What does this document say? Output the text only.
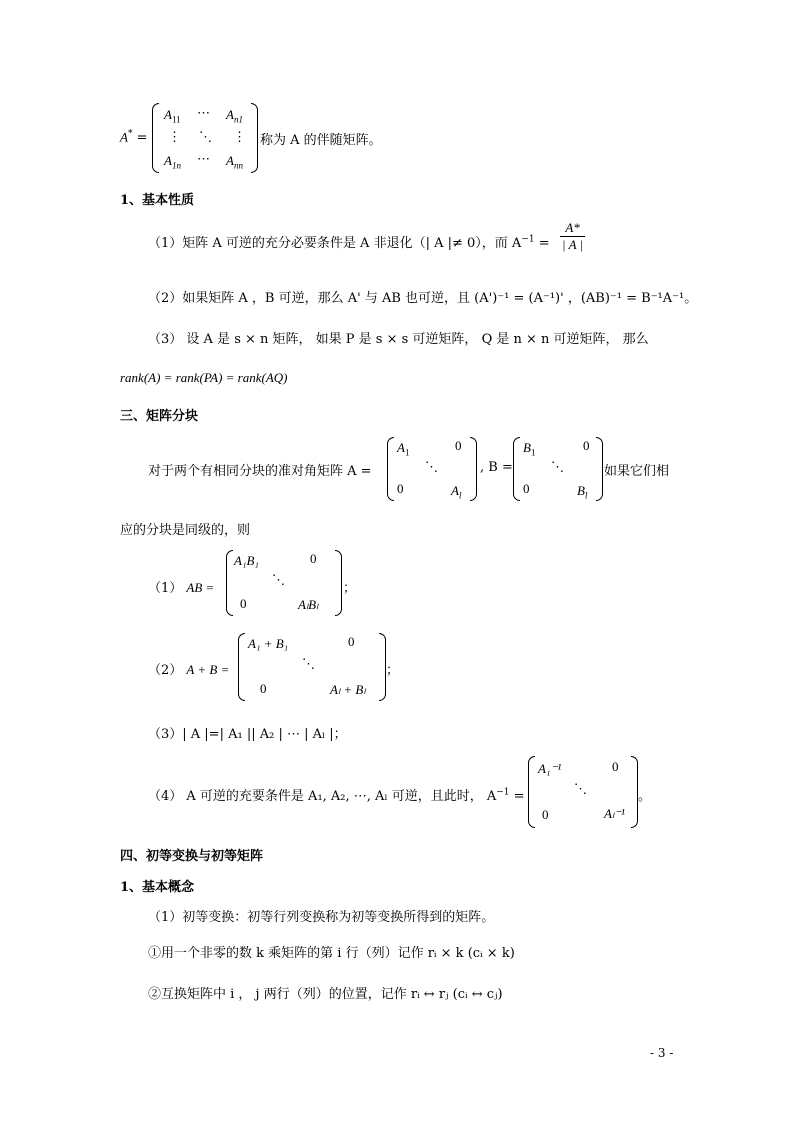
A* =
$A_{11}$ ⋯ $A_{n1}$
⋮ ⋱ ⋮
$A_{1n}$ ⋯ $A_{nn}$
称为 A 的伴随矩阵。
1、基本性质
（1）矩阵 A 可逆的充分必要条件是 A 非退化（| A |≠ 0），而 $A^{-1} = \frac{A*}{| A |}$
（2）如果矩阵 A ，B 可逆，那么 A' 与 AB 也可逆，且 (A')⁻¹ = (A⁻¹)' ，(AB)⁻¹ = B⁻¹A⁻¹。
（3） 设 A 是 s × n 矩阵， 如果 P 是 s × s 可逆矩阵， Q 是 n × n 可逆矩阵， 那么
rank(A) = rank(PA) = rank(AQ)
三、矩阵分块
对于两个有相同分块的准对角矩阵 A =
$A_1$	0
⋱
0	$A_l$
, B =
$B_1$	0
⋱
0	$B_l$
如果它们相
应的分块是同级的，则
（1） AB =
A₁B₁	0
⋱
0	AₗBₗ
；
（2） A + B =
A₁ + B₁	0
⋱
0	Aₗ + Bₗ
；
（3）| A |=| A₁ || A₂ | ⋯ | Aₗ |；
（4） A 可逆的充要条件是 A₁, A₂, ⋯, Aₗ 可逆，且此时， $A^{-1}$ =
A₁⁻¹	0
⋱
0	Aₗ⁻¹
。
四、初等变换与初等矩阵
1、基本概念
（1）初等变换：初等行列变换称为初等变换所得到的矩阵。
①用一个非零的数 k 乘矩阵的第 i 行（列）记作 rᵢ × k (cᵢ × k)
②互换矩阵中 i ， j 两行（列）的位置，记作 rᵢ ↔ rⱼ (cᵢ ↔ cⱼ)
- 3 -
